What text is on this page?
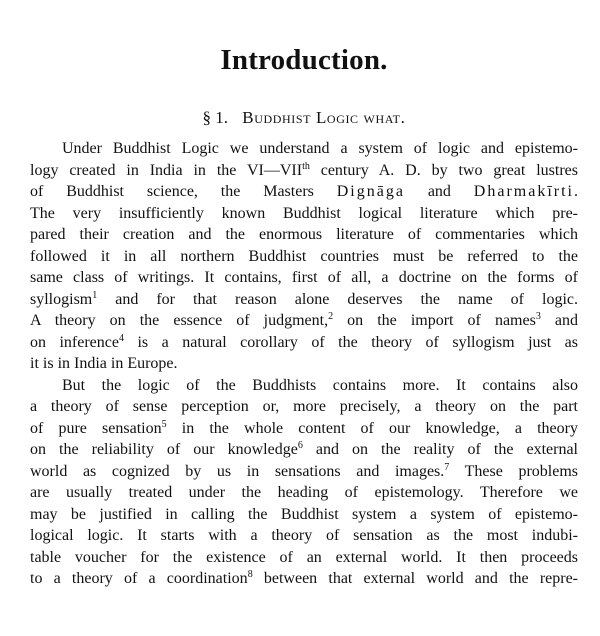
Introduction.
§ 1. Buddhist Logic what.
Under Buddhist Logic we understand a system of logic and epistemo-
logy created in India in the VI—VIIth century A. D. by two great lustres
of Buddhist science, the Masters Dignāga and Dharmakīrti.
The very insufficiently known Buddhist logical literature which pre-
pared their creation and the enormous literature of commentaries which
followed it in all northern Buddhist countries must be referred to the
same class of writings. It contains, first of all, a doctrine on the forms of
syllogism$^1$ and for that reason alone deserves the name of logic.
A theory on the essence of judgment,$^2$ on the import of names$^3$ and
on inference$^4$ is a natural corollary of the theory of syllogism just as
it is in India in Europe.
But the logic of the Buddhists contains more. It contains also
a theory of sense perception or, more precisely, a theory on the part
of pure sensation$^5$ in the whole content of our knowledge, a theory
on the reliability of our knowledge$^6$ and on the reality of the external
world as cognized by us in sensations and images.$^7$ These problems
are usually treated under the heading of epistemology. Therefore we
may be justified in calling the Buddhist system a system of epistemo-
logical logic. It starts with a theory of sensation as the most indubi-
table voucher for the existence of an external world. It then proceeds
to a theory of a coordination$^8$ between that external world and the repre-
